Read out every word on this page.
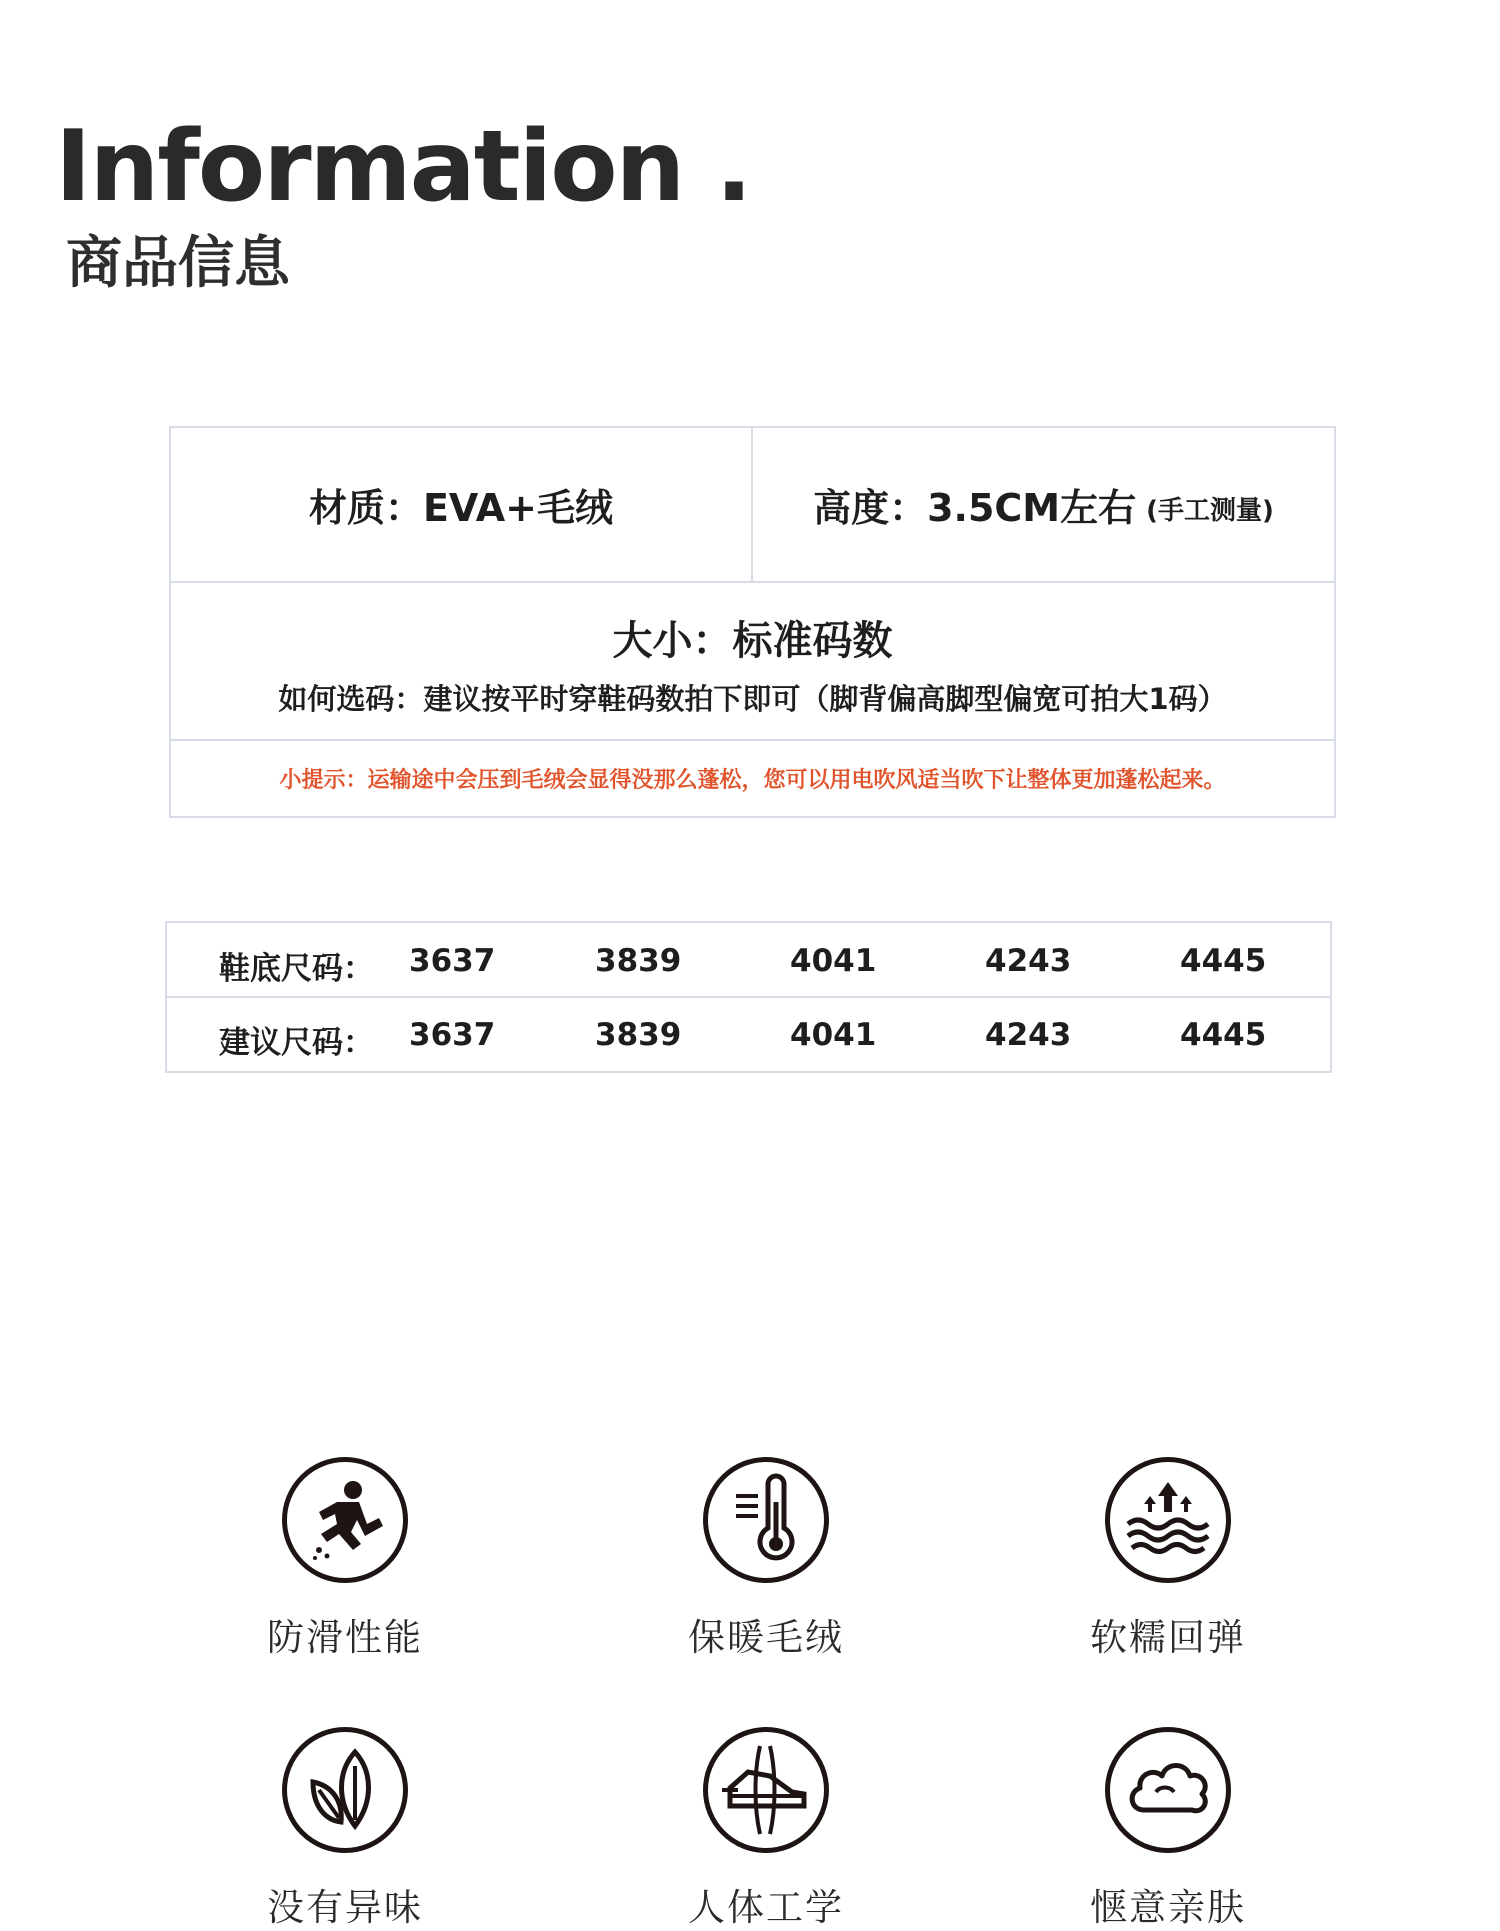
Information .
商品信息
材质：EVA+毛绒	高度：3.5CM左右 (手工测量)
大小：标准码数
如何选码：建议按平时穿鞋码数拍下即可（脚背偏高脚型偏宽可拍大1码）
小提示：运输途中会压到毛绒会显得没那么蓬松，您可以用电吹风适当吹下让整体更加蓬松起来。
鞋底尺码： 3637	3839	4041	4243	4445
建议尺码： 3637	3839	4041	4243	4445
防滑性能	保暖毛绒	软糯回弹
没有异味	人体工学	惬意亲肤
